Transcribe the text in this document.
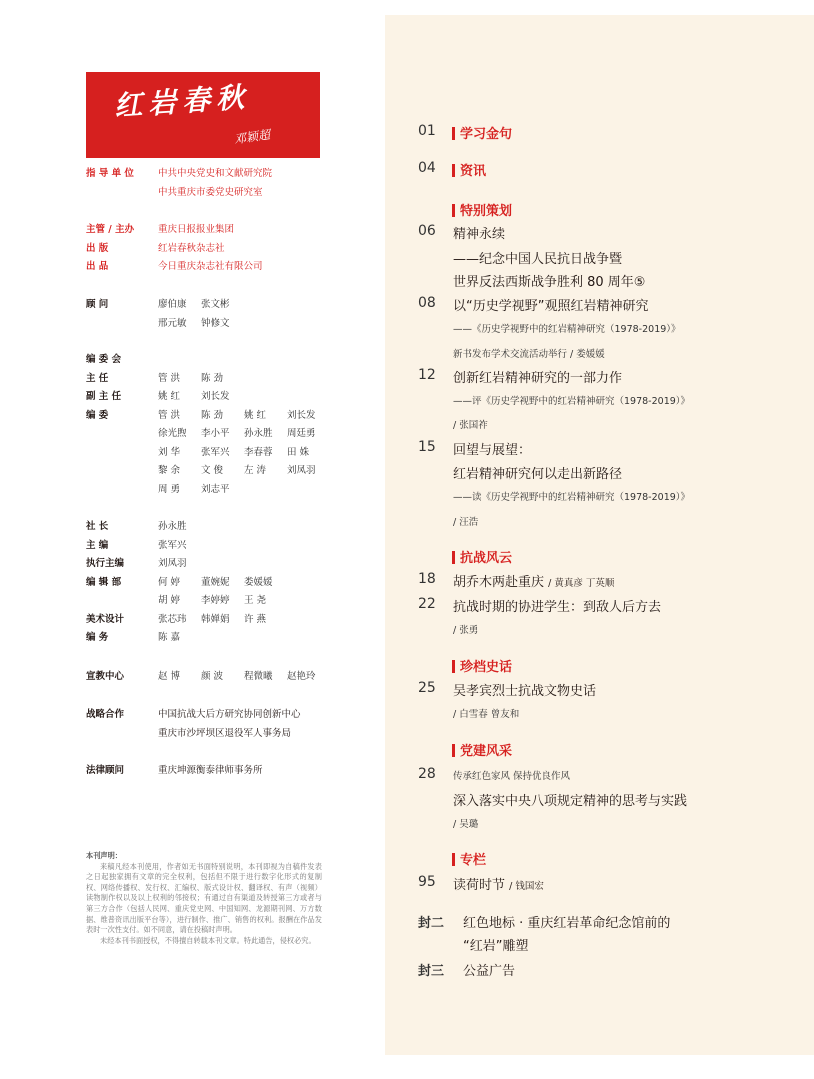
红岩春秋
邓颖超
指 导 单 位	中共中央党史和文献研究院
中共重庆市委党史研究室
主管 / 主办	重庆日报报业集团
出 版	红岩春秋杂志社
出 品	今日重庆杂志社有限公司
顾 问	廖伯康	张文彬
邢元敏	钟修文
编 委 会
主 任	管 洪	陈 劲
副 主 任	姚 红	刘长发
编 委	管 洪	陈 劲	姚 红	刘长发
徐光煦	李小平	孙永胜	周廷勇
刘 华	张军兴	李春蓉	田 姝
黎 余	文 俊	左 涛	刘凤羽
周 勇	刘志平
社 长	孙永胜
主 编	张军兴
执行主编	刘凤羽
编 辑 部	何 婷	董婉妮	娄媛媛
胡 婷	李婷婷	王 尧
美术设计	张芯玮	韩婵娟	许 燕
编 务	陈 嘉
宣教中心	赵 博	颜 波	程微曦	赵艳玲
战略合作	中国抗战大后方研究协同创新中心
重庆市沙坪坝区退役军人事务局
法律顾问	重庆坤源衡泰律师事务所
本刊声明：

来稿凡经本刊使用，作者如无书面特别说明，本刊即视为自稿件发表之日起独家拥有文章的完全权利，包括但不限于进行数字化形式的复制权、网络传播权、发行权、汇编权、版式设计权、翻译权、有声（视频）读物制作权以及以上权利的邻接权；有通过自有渠道及转授第三方或者与第三方合作（包括人民网、重庆党史网、中国知网、龙源期刊网、万方数据、维普资讯出版平台等），进行制作、推广、销售的权利。报酬在作品发表时一次性支付。如不同意，请在投稿时声明。

未经本刊书面授权，不得擅自转载本刊文章。特此通告，侵权必究。

01	学习金句
04	资讯
特别策划
06	精神永续
——纪念中国人民抗日战争暨
世界反法西斯战争胜利 80 周年⑤
08	以“历史学视野”观照红岩精神研究
——《历史学视野中的红岩精神研究（1978-2019）》
新书发布学术交流活动举行 / 娄媛媛
12	创新红岩精神研究的一部力作
——评《历史学视野中的红岩精神研究（1978-2019）》
/ 张国祚
15	回望与展望：
红岩精神研究何以走出新路径
——读《历史学视野中的红岩精神研究（1978-2019）》
/ 汪浩
抗战风云
18	胡乔木两赴重庆 / 黄真彦 丁英顺
22	抗战时期的协进学生：到敌人后方去
/ 张勇
珍档史话
25	吴孝宾烈士抗战文物史话
/ 白雪春 曾友和
党建风采
28	传承红色家风 保持优良作风
深入落实中央八项规定精神的思考与实践
/ 吴璐
专栏
95	读荷时节 / 钱国宏
封二	红色地标 · 重庆红岩革命纪念馆前的
“红岩”雕塑
封三	公益广告
